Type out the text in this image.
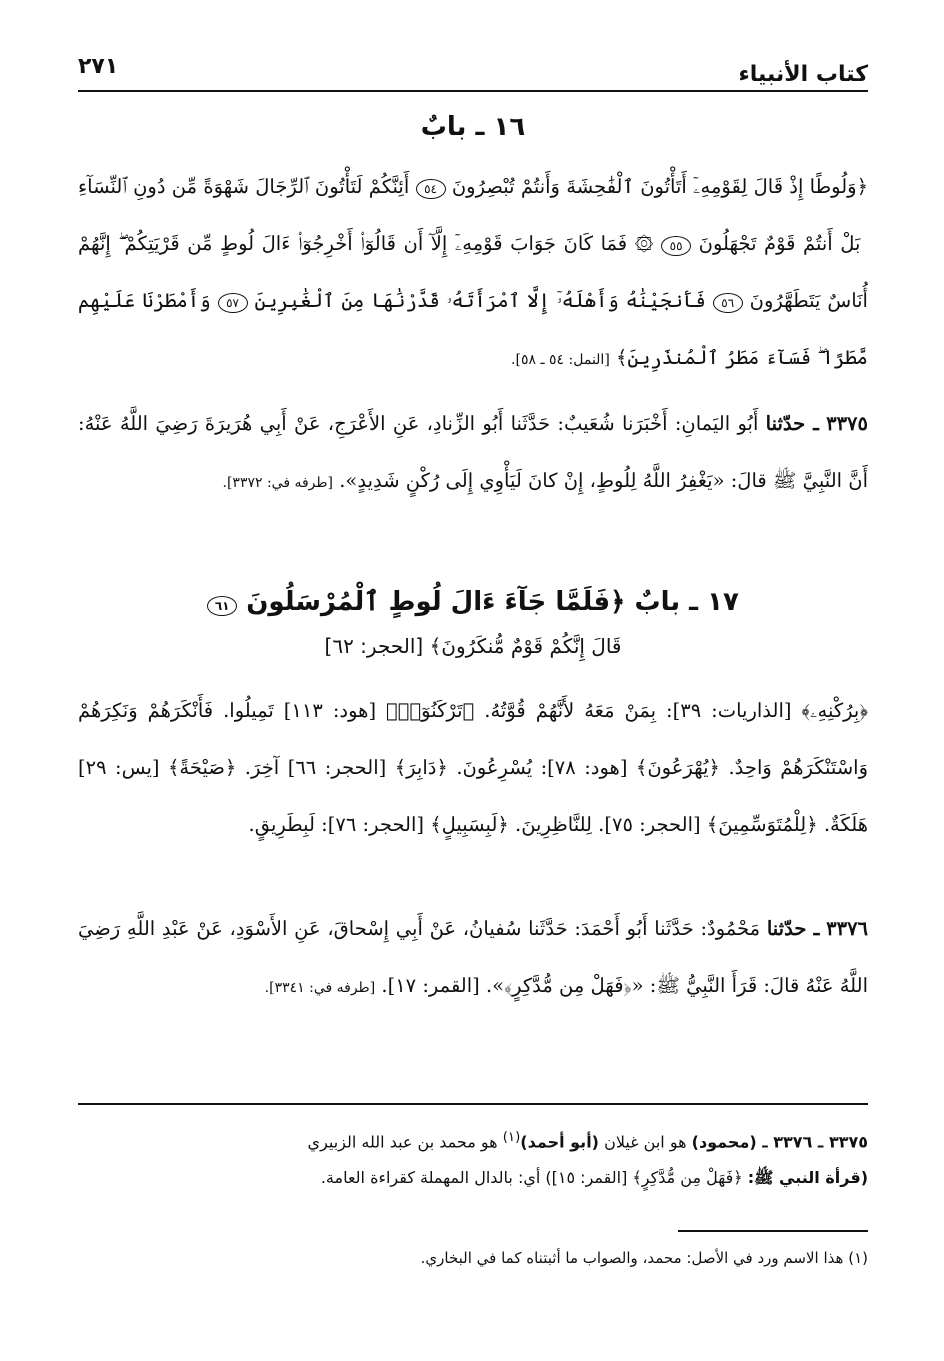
كتاب الأنبياء
٢٧١
١٦ ـ بابٌ
﴿وَلُوطًا إِذْ قَالَ لِقَوْمِهِۦٓ أَتَأْتُونَ ٱلْفَٰحِشَةَ وَأَنتُمْ تُبْصِرُونَ ٥٤ أَئِنَّكُمْ لَتَأْتُونَ ٱلرِّجَالَ شَهْوَةً مِّن دُونِ ٱلنِّسَآءِ ۚ بَلْ أَنتُمْ قَوْمٌ تَجْهَلُونَ ٥٥ ۞ فَمَا كَانَ جَوَابَ قَوْمِهِۦٓ إِلَّآ أَن قَالُوٓا۟ أَخْرِجُوٓا۟ ءَالَ لُوطٍ مِّن قَرْيَتِكُمْ ۖ إِنَّهُمْ أُنَاسٌ يَتَطَهَّرُونَ ٥٦ فَأَنجَيْنَٰهُ وَأَهْلَهُۥٓ إِلَّا ٱمْرَأَتَهُۥ قَدَّرْنَٰهَا مِنَ ٱلْغَٰبِرِينَ ٥٧ وَأَمْطَرْنَا عَلَيْهِم مَّطَرًا ۖ فَسَآءَ مَطَرُ ٱلْمُنذَرِينَ﴾ [النمل: ٥٤ ـ ٥٨].
٣٣٧٥ ـ حدّثنا أَبُو اليَمانِ: أَخْبَرَنا شُعَيبٌ: حَدَّثَنا أَبُو الزِّنادِ، عَنِ الأَعْرَجِ، عَنْ أَبِي هُرَيرَةَ رَضِيَ اللَّهُ عَنْهُ: أَنَّ النَّبِيَّ ﷺ قالَ: «يَغْفِرُ اللَّهُ لِلُوطٍ، إِنْ كانَ لَيَأْوِي إِلَى رُكْنٍ شَدِيدٍ». [طرفه في: ٣٣٧٢].
١٧ ـ بابٌ ﴿فَلَمَّا جَآءَ ءَالَ لُوطٍ ٱلْمُرْسَلُونَ ٦١
قَالَ إِنَّكُمْ قَوْمٌ مُّنكَرُونَ﴾ [الحجر: ٦٢]
﴿بِرُكْنِهِۦ﴾ [الذاريات: ٣٩]: بِمَنْ مَعَهُ لأَنَّهُمْ قُوَّتُهُ. ﴿تَرْكَنُوٓا۟﴾ [هود: ١١٣] تَمِيلُوا. فَأَنْكَرَهُمْ وَنَكِرَهُمْ وَاسْتَنْكَرَهُمْ وَاحِدٌ. ﴿يُهْرَعُونَ﴾ [هود: ٧٨]: يُسْرِعُونَ. ﴿دَابِرَ﴾ [الحجر: ٦٦] آخِرَ. ﴿صَيْحَةً﴾ [يس: ٢٩] هَلَكَةٌ. ﴿لِلْمُتَوَسِّمِينَ﴾ [الحجر: ٧٥]. لِلنَّاظِرِينَ. ﴿لَبِسَبِيلٍ﴾ [الحجر: ٧٦]: لَبِطَرِيقٍ.
٣٣٧٦ ـ حدّثنا مَحْمُودٌ: حَدَّثَنا أَبُو أَحْمَدَ: حَدَّثَنا سُفيانُ، عَنْ أَبِي إِسْحاقَ، عَنِ الأَسْوَدِ، عَنْ عَبْدِ اللَّهِ رَضِيَ اللَّهُ عَنْهُ قالَ: قَرَأَ النَّبِيُّ ﷺ: «﴿فَهَلْ مِن مُّدَّكِرٍ﴾». [القمر: ١٧]. [طرفه في: ٣٣٤١].
٣٣٧٥ ـ ٣٣٧٦ ـ (محمود) هو ابن غيلان (أبو أحمد)$^{(١)}$ هو محمد بن عبد الله الزبيري
(قرأة النبي ﷺ: ﴿فَهَلْ مِن مُّدَّكِرٍ﴾ [القمر: ١٥]) أي: بالدال المهملة كقراءة العامة.
(١) هذا الاسم ورد في الأصل: محمد، والصواب ما أثبتناه كما في البخاري.
